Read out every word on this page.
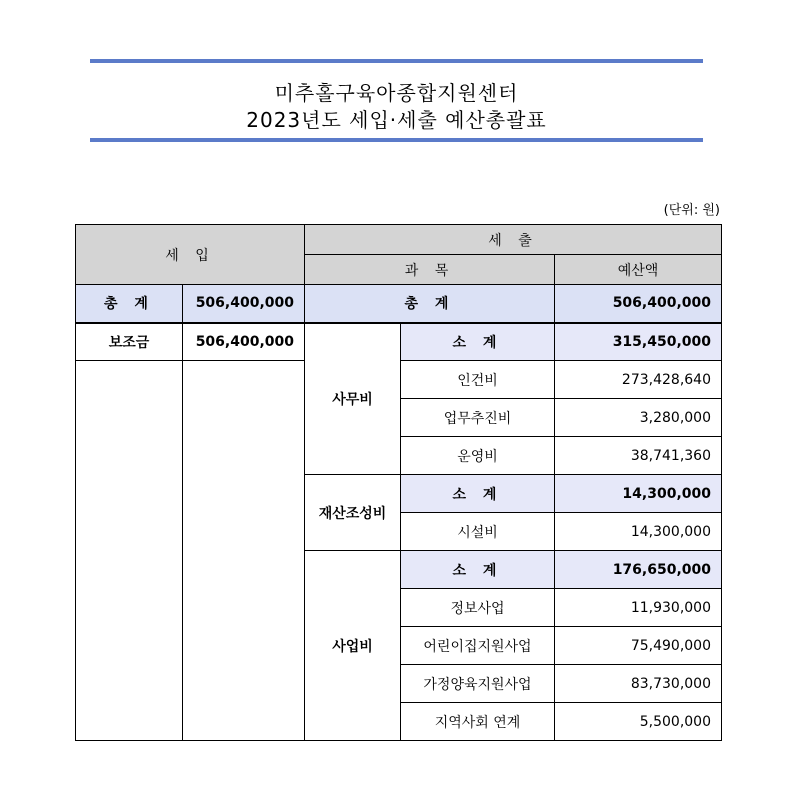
미추홀구육아종합지원센터
2023년도 세입·세출 예산총괄표
(단위: 원)
세 입		세 출		
		과 목		예산액
총 계	506,400,000	총 계		506,400,000
보조금	506,400,000	사무비	소 계	315,450,000
			인건비	273,428,640
			업무추진비	3,280,000
			운영비	38,741,360
		재산조성비	소 계	14,300,000
			시설비	14,300,000
		사업비	소 계	176,650,000
			정보사업	11,930,000
			어린이집지원사업	75,490,000
			가정양육지원사업	83,730,000
			지역사회 연계	5,500,000
